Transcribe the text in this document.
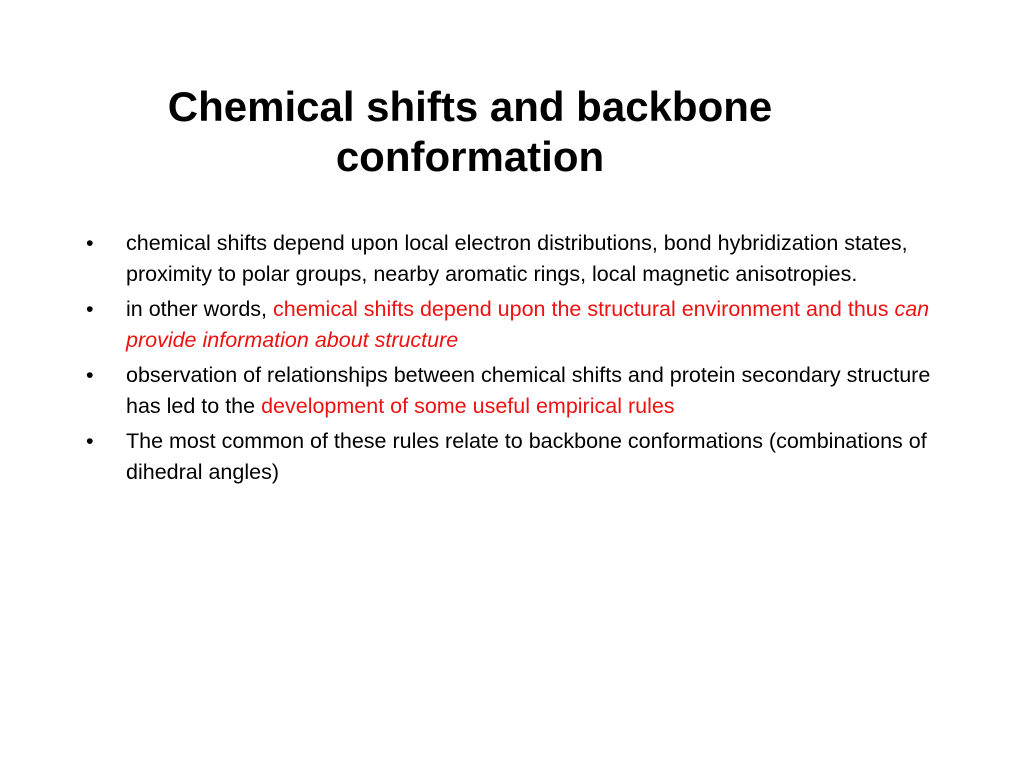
Chemical shifts and backbone
conformation
• chemical shifts depend upon local electron distributions, bond hybridization states, proximity to polar groups, nearby aromatic rings, local magnetic anisotropies.
• in other words, chemical shifts depend upon the structural environment and thus can provide information about structure
• observation of relationships between chemical shifts and protein secondary structure has led to the development of some useful empirical rules
• The most common of these rules relate to backbone conformations (combinations of dihedral angles)
